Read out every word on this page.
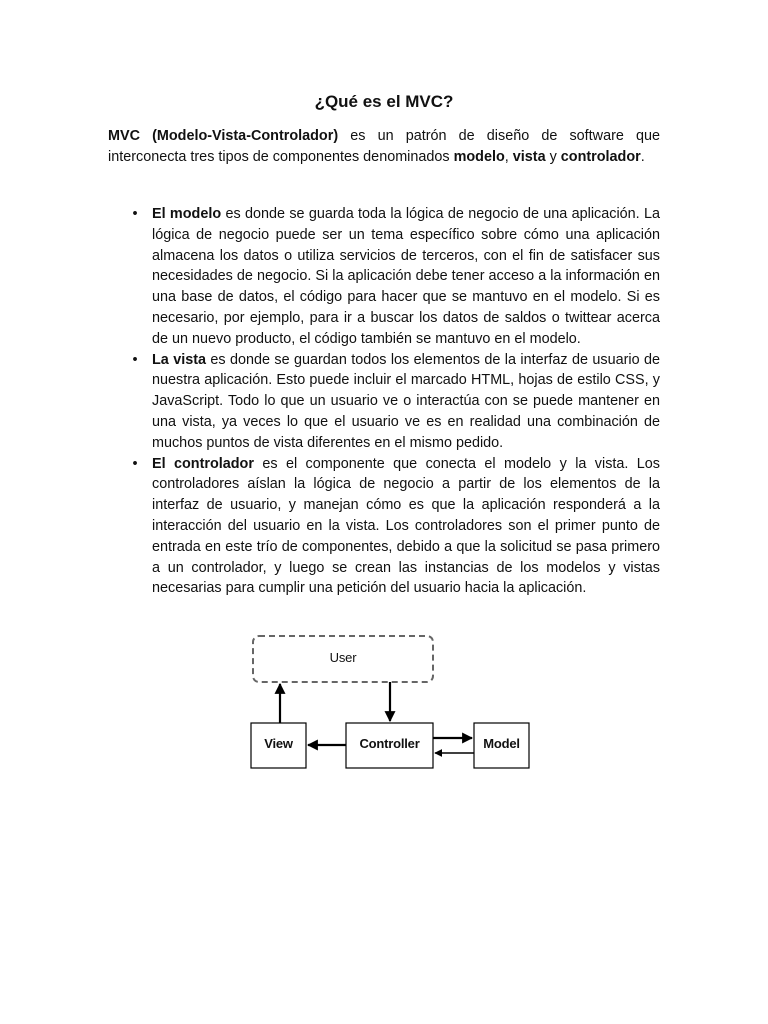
¿Qué es el MVC?

MVC (Modelo-Vista-Controlador) es un patrón de diseño de software que interconecta tres tipos de componentes denominados modelo, vista y controlador.

•	El modelo es donde se guarda toda la lógica de negocio de una aplicación. La lógica de negocio puede ser un tema específico sobre cómo una aplicación almacena los datos o utiliza servicios de terceros, con el fin de satisfacer sus necesidades de negocio. Si la aplicación debe tener acceso a la información en una base de datos, el código para hacer que se mantuvo en el modelo. Si es necesario, por ejemplo, para ir a buscar los datos de saldos o twittear acerca de un nuevo producto, el código también se mantuvo en el modelo.
•	La vista es donde se guardan todos los elementos de la interfaz de usuario de nuestra aplicación. Esto puede incluir el marcado HTML, hojas de estilo CSS, y JavaScript. Todo lo que un usuario ve o interactúa con se puede mantener en una vista, ya veces lo que el usuario ve es en realidad una combinación de muchos puntos de vista diferentes en el mismo pedido.
•	El controlador es el componente que conecta el modelo y la vista. Los controladores aíslan la lógica de negocio a partir de los elementos de la interfaz de usuario, y manejan cómo es que la aplicación responderá a la interacción del usuario en la vista. Los controladores son el primer punto de entrada en este trío de componentes, debido a que la solicitud se pasa primero a un controlador, y luego se crean las instancias de los modelos y vistas necesarias para cumplir una petición del usuario hacia la aplicación.
User
View	Controller	Model
